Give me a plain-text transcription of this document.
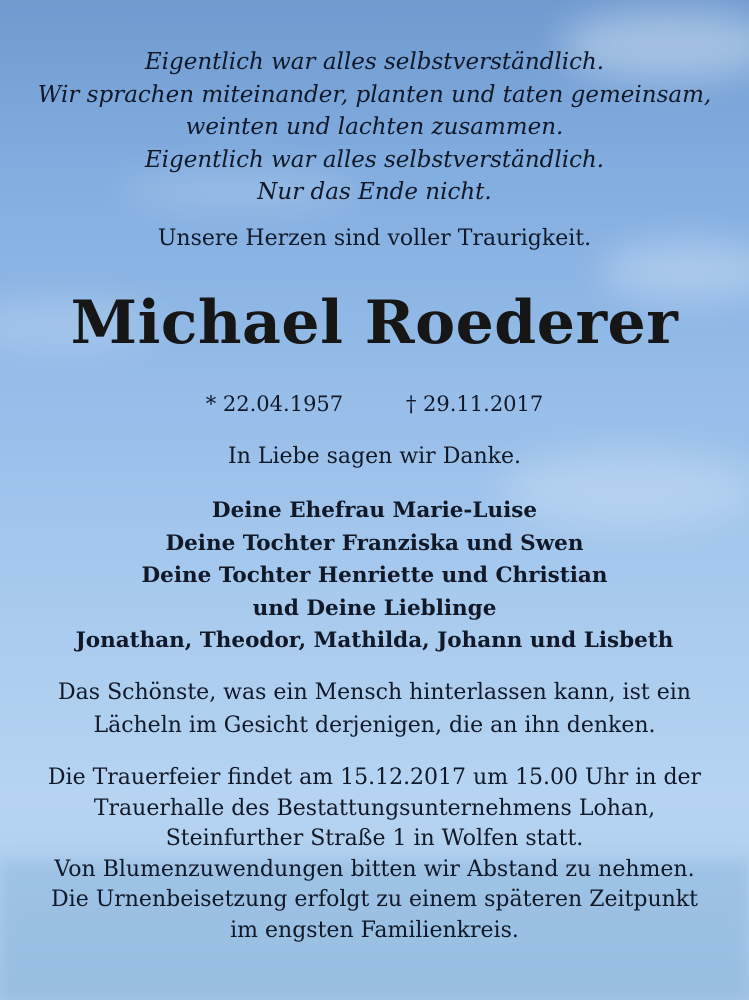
Eigentlich war alles selbstverständlich.
Wir sprachen miteinander, planten und taten gemeinsam,
weinten und lachten zusammen.
Eigentlich war alles selbstverständlich.
Nur das Ende nicht.
Unsere Herzen sind voller Traurigkeit.
Michael Roederer
* 22.04.1957	† 29.11.2017
In Liebe sagen wir Danke.
Deine Ehefrau Marie-Luise
Deine Tochter Franziska und Swen
Deine Tochter Henriette und Christian
und Deine Lieblinge
Jonathan, Theodor, Mathilda, Johann und Lisbeth
Das Schönste, was ein Mensch hinterlassen kann, ist ein
Lächeln im Gesicht derjenigen, die an ihn denken.
Die Trauerfeier findet am 15.12.2017 um 15.00 Uhr in der
Trauerhalle des Bestattungsunternehmens Lohan,
Steinfurther Straße 1 in Wolfen statt.
Von Blumenzuwendungen bitten wir Abstand zu nehmen.
Die Urnenbeisetzung erfolgt zu einem späteren Zeitpunkt
im engsten Familienkreis.
